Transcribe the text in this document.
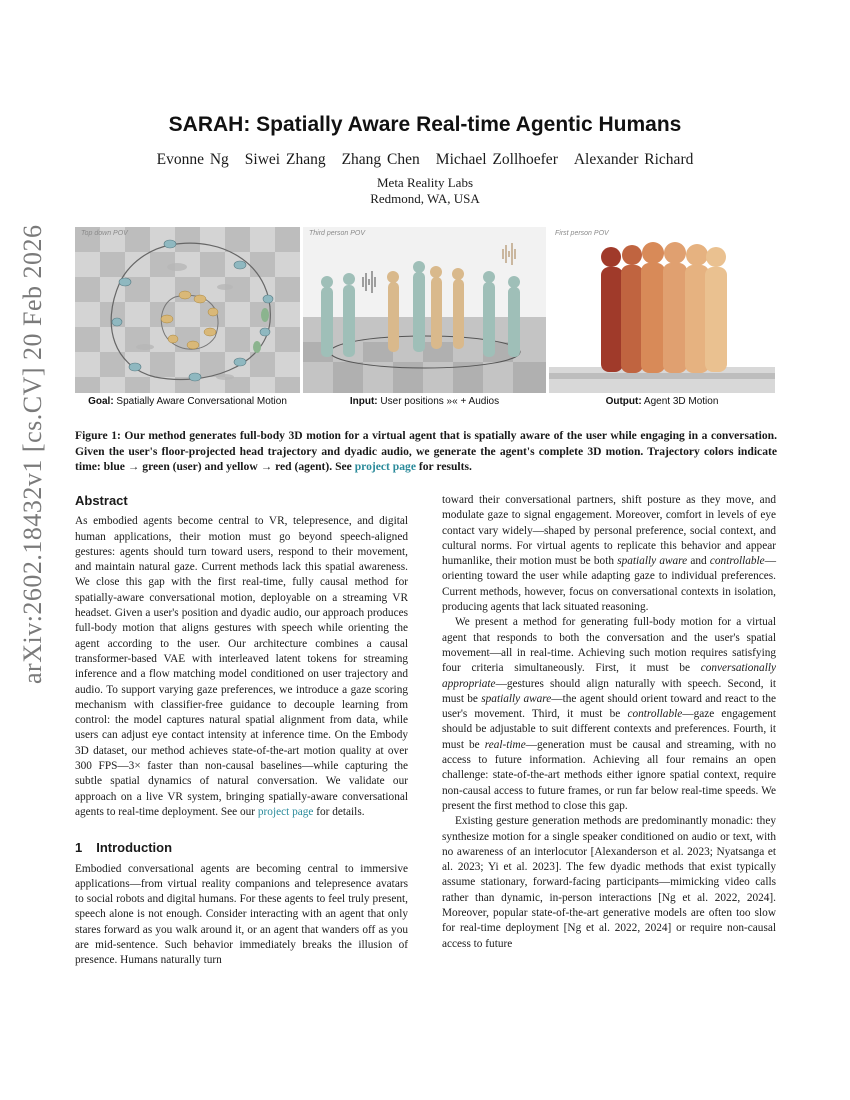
arXiv:2602.18432v1 [cs.CV] 20 Feb 2026
SARAH: Spatially Aware Real-time Agentic Humans
Evonne Ng Siwei Zhang Zhang Chen Michael Zollhoefer Alexander Richard
Meta Reality Labs
Redmond, WA, USA
Top down POV	Third person POV	First person POV
Goal: Spatially Aware Conversational Motion	Input: User positions »« + Audios	Output: Agent 3D Motion
Figure 1: Our method generates full-body 3D motion for a virtual agent that is spatially aware of the user while engaging in a conversation. Given the user's floor-projected head trajectory and dyadic audio, we generate the agent's complete 3D motion. Trajectory colors indicate time: blue → green (user) and yellow → red (agent). See project page for results.
Abstract

As embodied agents become central to VR, telepresence, and digital human applications, their motion must go beyond speech-aligned gestures: agents should turn toward users, respond to their movement, and maintain natural gaze. Current methods lack this spatial awareness. We close this gap with the first real-time, fully causal method for spatially-aware conversational motion, deployable on a streaming VR headset. Given a user's position and dyadic audio, our approach produces full-body motion that aligns gestures with speech while orienting the agent according to the user. Our architecture combines a causal transformer-based VAE with interleaved latent tokens for streaming inference and a flow matching model conditioned on user trajectory and audio. To support varying gaze preferences, we introduce a gaze scoring mechanism with classifier-free guidance to decouple learning from control: the model captures natural spatial alignment from data, while users can adjust eye contact intensity at inference time. On the Embody 3D dataset, our method achieves state-of-the-art motion quality at over 300 FPS—3× faster than non-causal baselines—while capturing the subtle spatial dynamics of natural conversation. We validate our approach on a live VR system, bringing spatially-aware conversational agents to real-time deployment. See our project page for details.

1 Introduction

Embodied conversational agents are becoming central to immersive applications—from virtual reality companions and telepresence avatars to social robots and digital humans. For these agents to feel truly present, speech alone is not enough. Consider interacting with an agent that only stares forward as you walk around it, or an agent that wanders off as you are mid-sentence. Such behavior immediately breaks the illusion of presence. Humans naturally turn

toward their conversational partners, shift posture as they move, and modulate gaze to signal engagement. Moreover, comfort in levels of eye contact vary widely—shaped by personal preference, social context, and cultural norms. For virtual agents to replicate this behavior and appear humanlike, their motion must be both spatially aware and controllable—orienting toward the user while adapting gaze to individual preferences. Current methods, however, focus on conversational contexts in isolation, producing agents that lack situated reasoning.

We present a method for generating full-body motion for a virtual agent that responds to both the conversation and the user's spatial movement—all in real-time. Achieving such motion requires satisfying four criteria simultaneously. First, it must be conversationally appropriate—gestures should align naturally with speech. Second, it must be spatially aware—the agent should orient toward and react to the user's movement. Third, it must be controllable—gaze engagement should be adjustable to suit different contexts and preferences. Fourth, it must be real-time—generation must be causal and streaming, with no access to future information. Achieving all four remains an open challenge: state-of-the-art methods either ignore spatial context, require non-causal access to future frames, or run far below real-time speeds. We present the first method to close this gap.

Existing gesture generation methods are predominantly monadic: they synthesize motion for a single speaker conditioned on audio or text, with no awareness of an interlocutor [Alexanderson et al. 2023; Nyatsanga et al. 2023; Yi et al. 2023]. The few dyadic methods that exist typically assume stationary, forward-facing participants—mimicking video calls rather than dynamic, in-person interactions [Ng et al. 2022, 2024]. Moreover, popular state-of-the-art generative models are often too slow for real-time deployment [Ng et al. 2022, 2024] or require non-causal access to future
